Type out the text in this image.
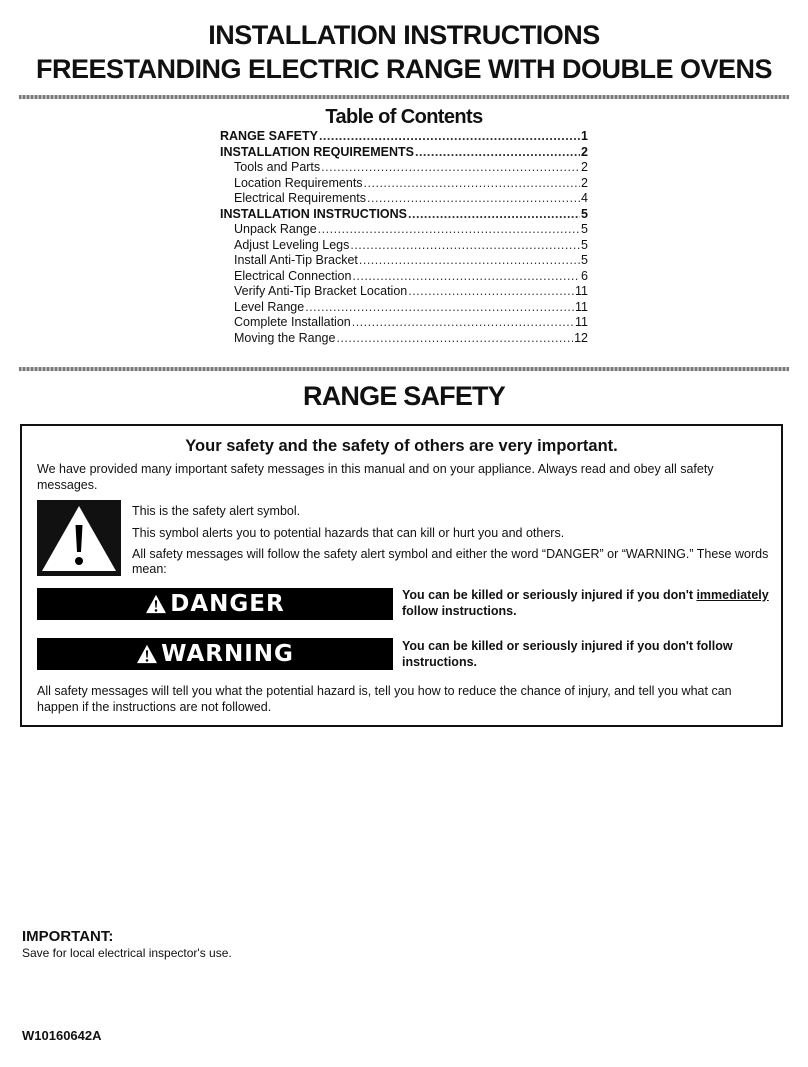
INSTALLATION INSTRUCTIONS
FREESTANDING ELECTRIC RANGE WITH DOUBLE OVENS
Table of Contents
RANGE SAFETY .....	1
INSTALLATION REQUIREMENTS .....	2
Tools and Parts .....	2
Location Requirements .....	2
Electrical Requirements .....	4
INSTALLATION INSTRUCTIONS .....	5
Unpack Range .....	5
Adjust Leveling Legs .....	5
Install Anti-Tip Bracket .....	5
Electrical Connection .....	6
Verify Anti-Tip Bracket Location .....	11
Level Range .....	11
Complete Installation .....	11
Moving the Range .....	12
RANGE SAFETY
Your safety and the safety of others are very important.
We have provided many important safety messages in this manual and on your appliance. Always read and obey all safety messages.
This is the safety alert symbol.
This symbol alerts you to potential hazards that can kill or hurt you and others.
All safety messages will follow the safety alert symbol and either the word “DANGER” or “WARNING.” These words mean:
DANGER	You can be killed or seriously injured if you don't immediately follow instructions.
WARNING	You can be killed or seriously injured if you don't follow instructions.
All safety messages will tell you what the potential hazard is, tell you how to reduce the chance of injury, and tell you what can happen if the instructions are not followed.
IMPORTANT:
Save for local electrical inspector's use.
W10160642A
